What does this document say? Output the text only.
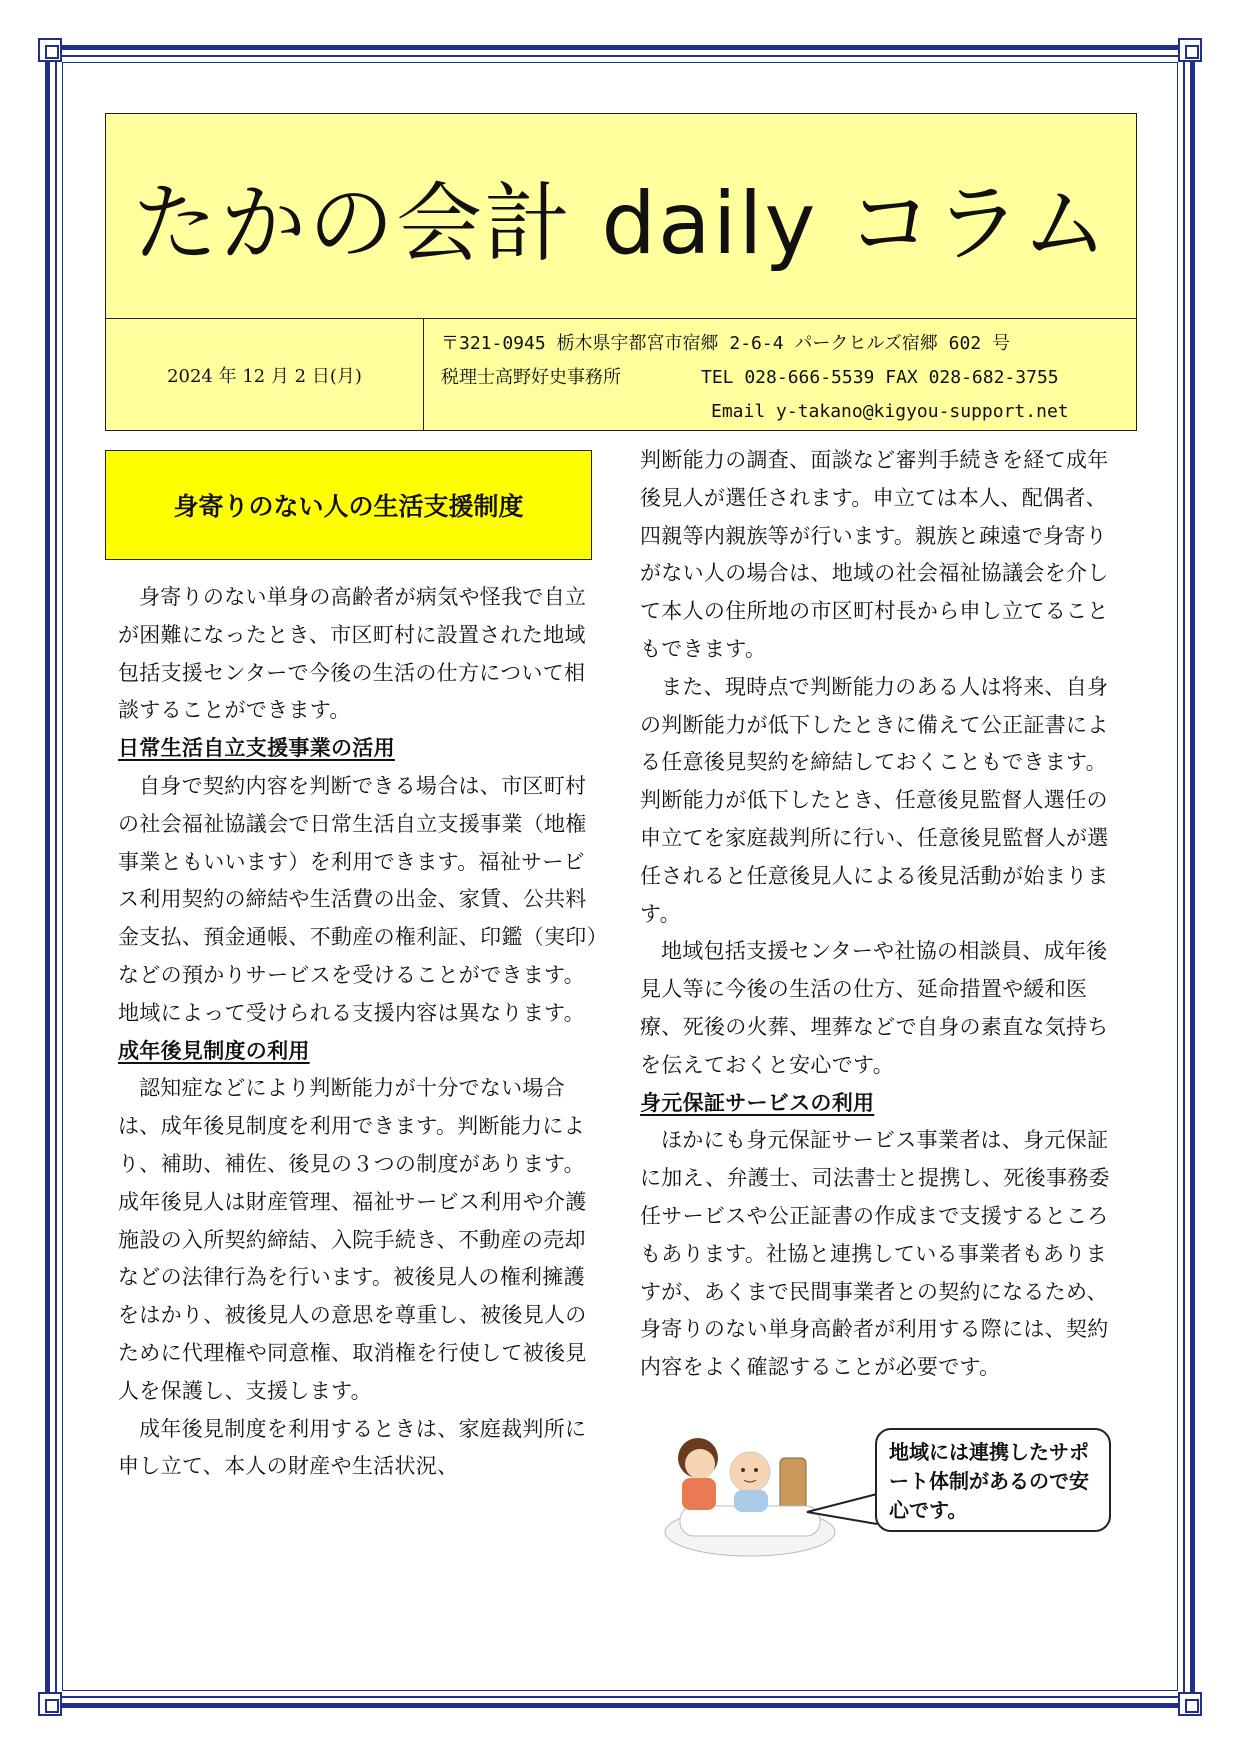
たかの会計 daily コラム
2024 年 12 月 2 日(月)
〒321-0945 栃木県宇都宮市宿郷 2-6-4 パークヒルズ宿郷 602 号
税理士高野好史事務所	TEL 028-666-5539 FAX 028-682-3755
Email y-takano@kigyou-support.net
身寄りのない人の生活支援制度

身寄りのない単身の高齢者が病気や怪我で自立が困難になったとき、市区町村に設置された地域包括支援センターで今後の生活の仕方について相談することができます。

日常生活自立支援事業の活用

自身で契約内容を判断できる場合は、市区町村の社会福祉協議会で日常生活自立支援事業（地権事業ともいいます）を利用できます。福祉サービス利用契約の締結や生活費の出金、家賃、公共料金支払、預金通帳、不動産の権利証、印鑑（実印）などの預かりサービスを受けることができます。地域によって受けられる支援内容は異なります。

成年後見制度の利用

認知症などにより判断能力が十分でない場合は、成年後見制度を利用できます。判断能力により、補助、補佐、後見の３つの制度があります。成年後見人は財産管理、福祉サービス利用や介護施設の入所契約締結、入院手続き、不動産の売却などの法律行為を行います。被後見人の権利擁護をはかり、被後見人の意思を尊重し、被後見人のために代理権や同意権、取消権を行使して被後見人を保護し、支援します。

成年後見制度を利用するときは、家庭裁判所に申し立て、本人の財産や生活状況、

判断能力の調査、面談など審判手続きを経て成年後見人が選任されます。申立ては本人、配偶者、四親等内親族等が行います。親族と疎遠で身寄りがない人の場合は、地域の社会福祉協議会を介して本人の住所地の市区町村長から申し立てることもできます。

また、現時点で判断能力のある人は将来、自身の判断能力が低下したときに備えて公正証書による任意後見契約を締結しておくこともできます。判断能力が低下したとき、任意後見監督人選任の申立てを家庭裁判所に行い、任意後見監督人が選任されると任意後見人による後見活動が始まります。

地域包括支援センターや社協の相談員、成年後見人等に今後の生活の仕方、延命措置や緩和医療、死後の火葬、埋葬などで自身の素直な気持ちを伝えておくと安心です。

身元保証サービスの利用

ほかにも身元保証サービス事業者は、身元保証に加え、弁護士、司法書士と提携し、死後事務委任サービスや公正証書の作成まで支援するところもあります。社協と連携している事業者もありますが、あくまで民間事業者との契約になるため、身寄りのない単身高齢者が利用する際には、契約内容をよく確認することが必要です。

地域には連携したサポート体制があるので安心です。
